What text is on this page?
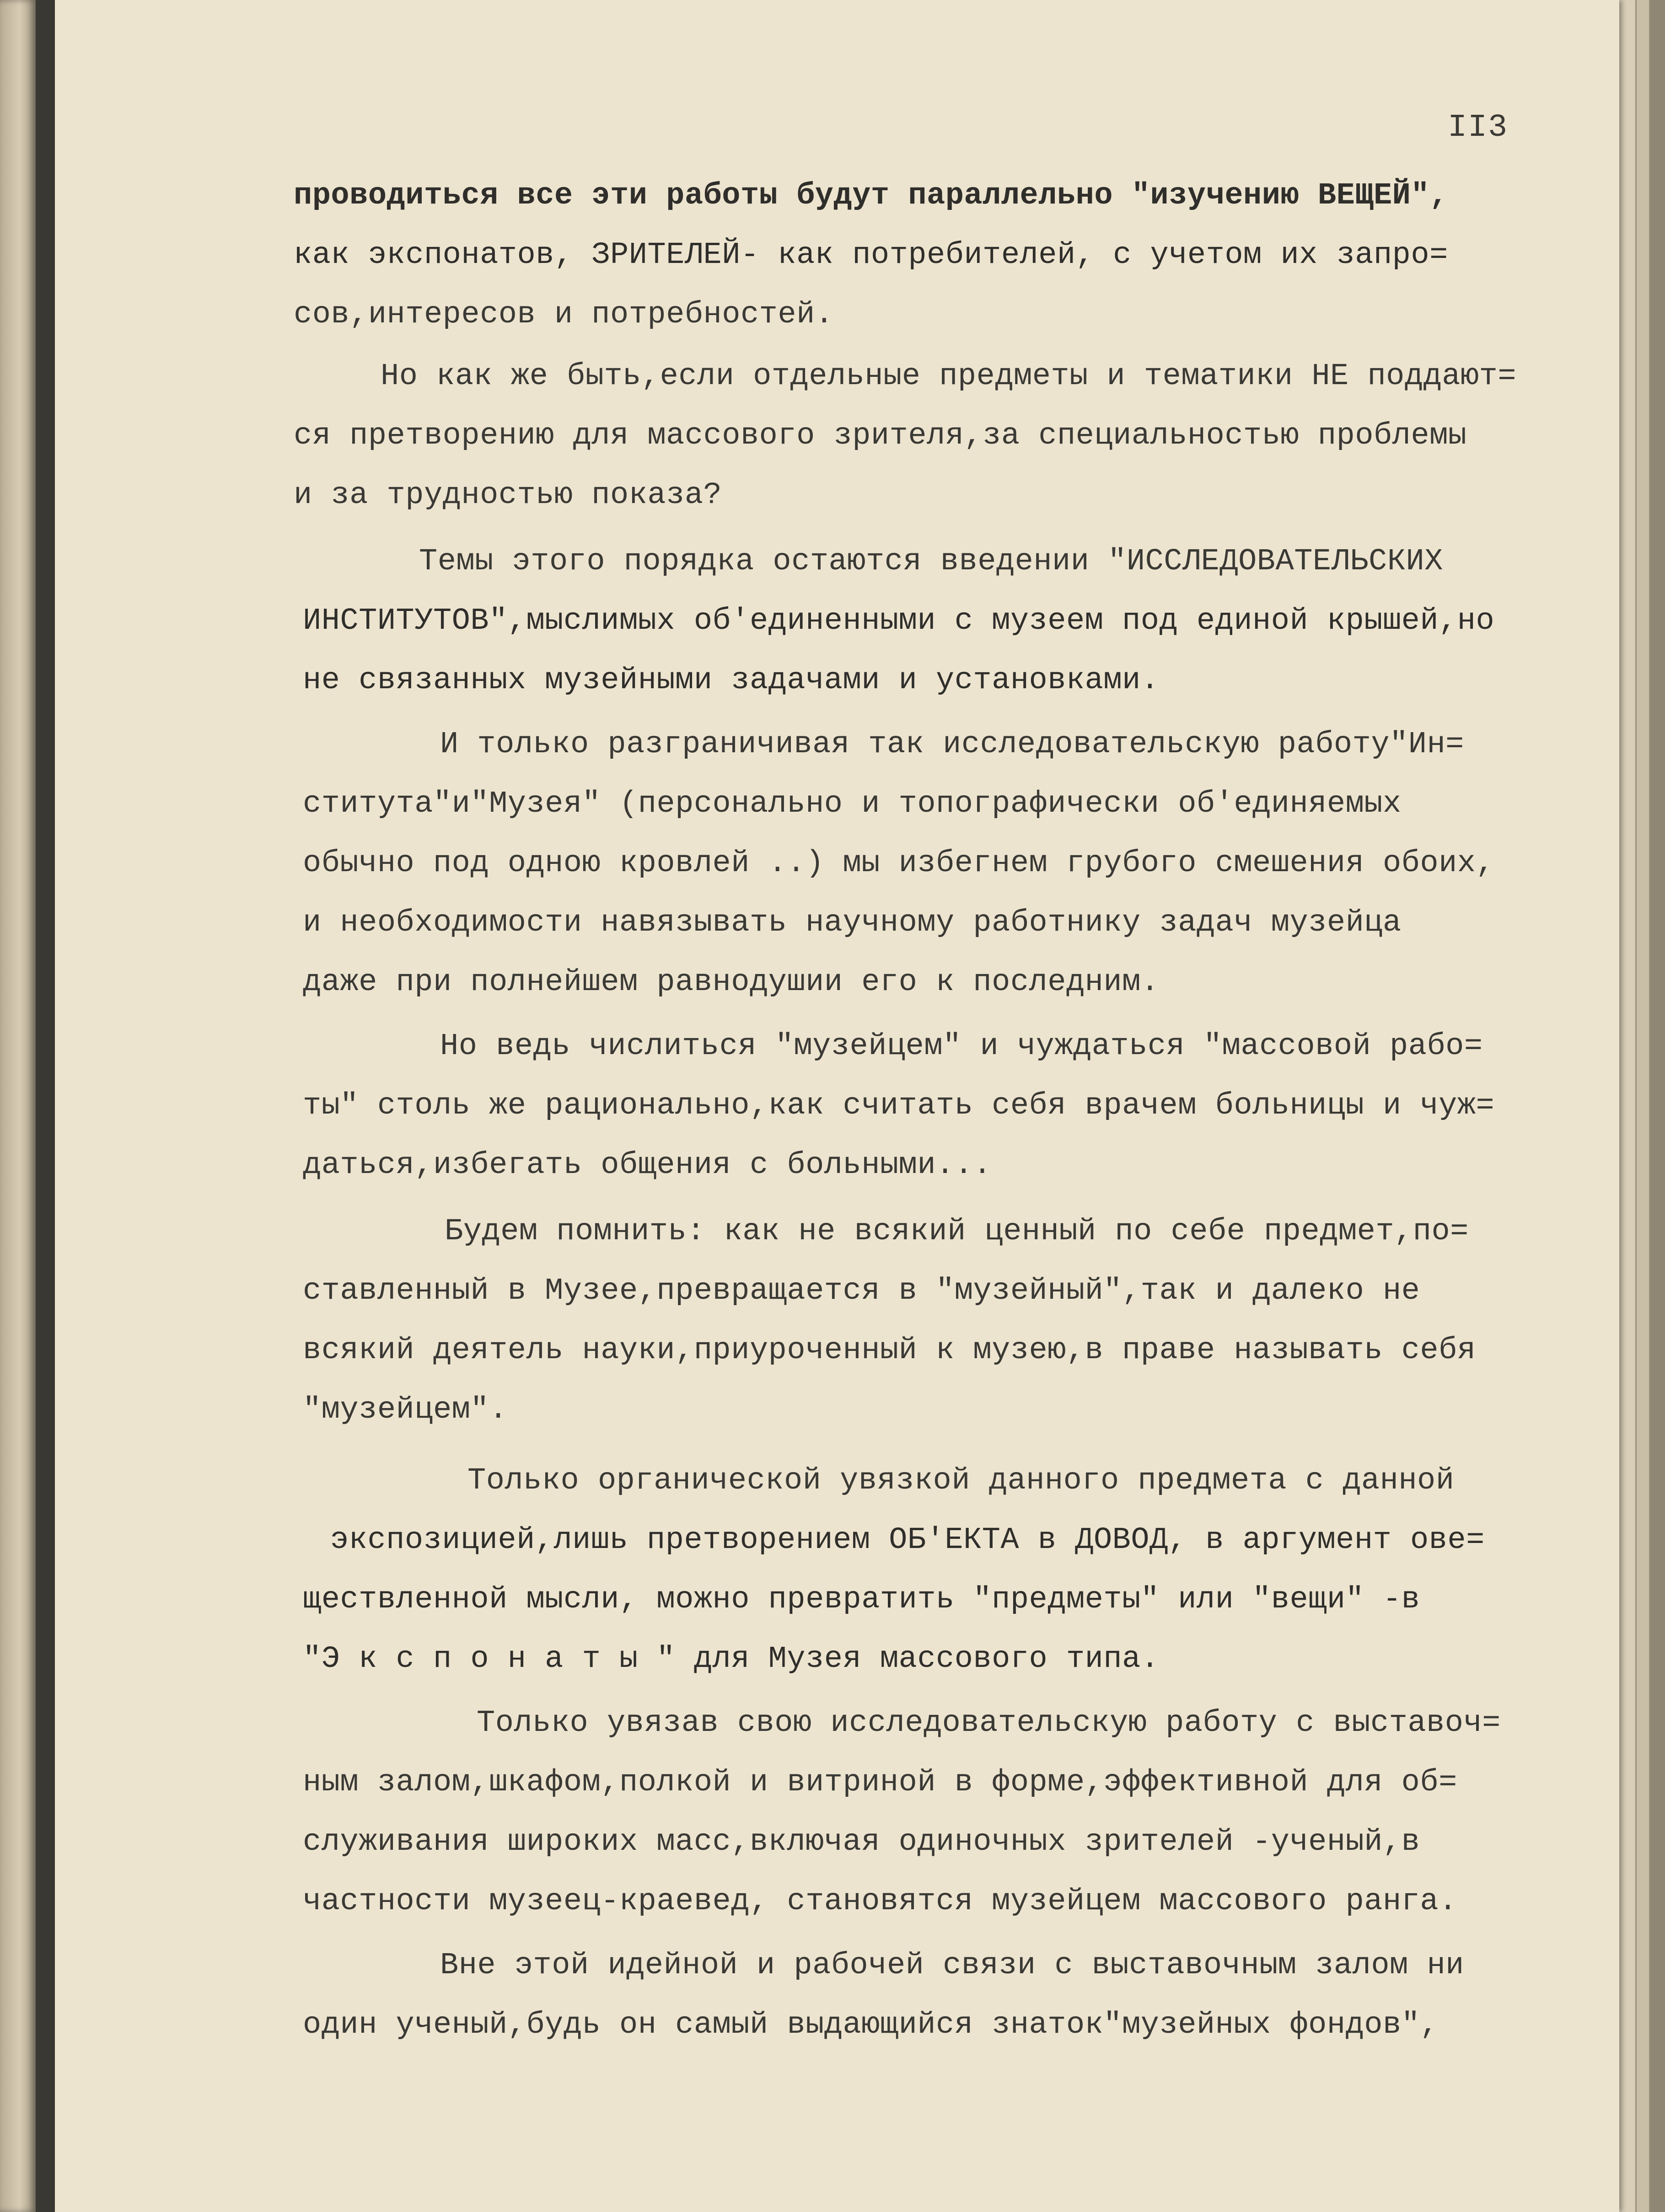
II3
проводиться все эти работы будут параллельно "изучению ВЕЩЕЙ",
как экспонатов, ЗРИТЕЛЕЙ- как потребителей, с учетом их запро=
сов,интересов и потребностей.
Но как же быть,если отдельные предметы и тематики НЕ поддают=
ся претворению для массового зрителя,за специальностью проблемы
и за трудностью показа?
Темы этого порядка остаются введении "ИССЛЕДОВАТЕЛЬСКИХ
ИНСТИТУТОВ",мыслимых об'единенными с музеем под единой крышей,но
не связанных музейными задачами и установками.
И только разграничивая так исследовательскую работу"Ин=
ститута"и"Музея" (персонально и топографически об'единяемых
обычно под одною кровлей ..) мы избегнем грубого смешения обоих,
и необходимости навязывать научному работнику задач музейца
даже при полнейшем равнодушии его к последним.
Но ведь числиться "музейцем" и чуждаться "массовой рабо=
ты" столь же рационально,как считать себя врачем больницы и чуж=
даться,избегать общения с больными...
Будем помнить: как не всякий ценный по себе предмет,по=
ставленный в Музее,превращается в "музейный",так и далеко не
всякий деятель науки,приуроченный к музею,в праве называть себя
"музейцем".
Только органической увязкой данного предмета с данной
экспозицией,лишь претворением ОБ'ЕКТА в ДОВОД, в аргумент ове=
ществленной мысли, можно превратить "предметы" или "вещи" -в
"Э к с п о н а т ы " для Музея массового типа.
Только увязав свою исследовательскую работу с выставоч=
ным залом,шкафом,полкой и витриной в форме,эффективной для об=
служивания широких масс,включая одиночных зрителей -ученый,в
частности музеец-краевед, становятся музейцем массового ранга.
Вне этой идейной и рабочей связи с выставочным залом ни
один ученый,будь он самый выдающийся знаток"музейных фондов",
